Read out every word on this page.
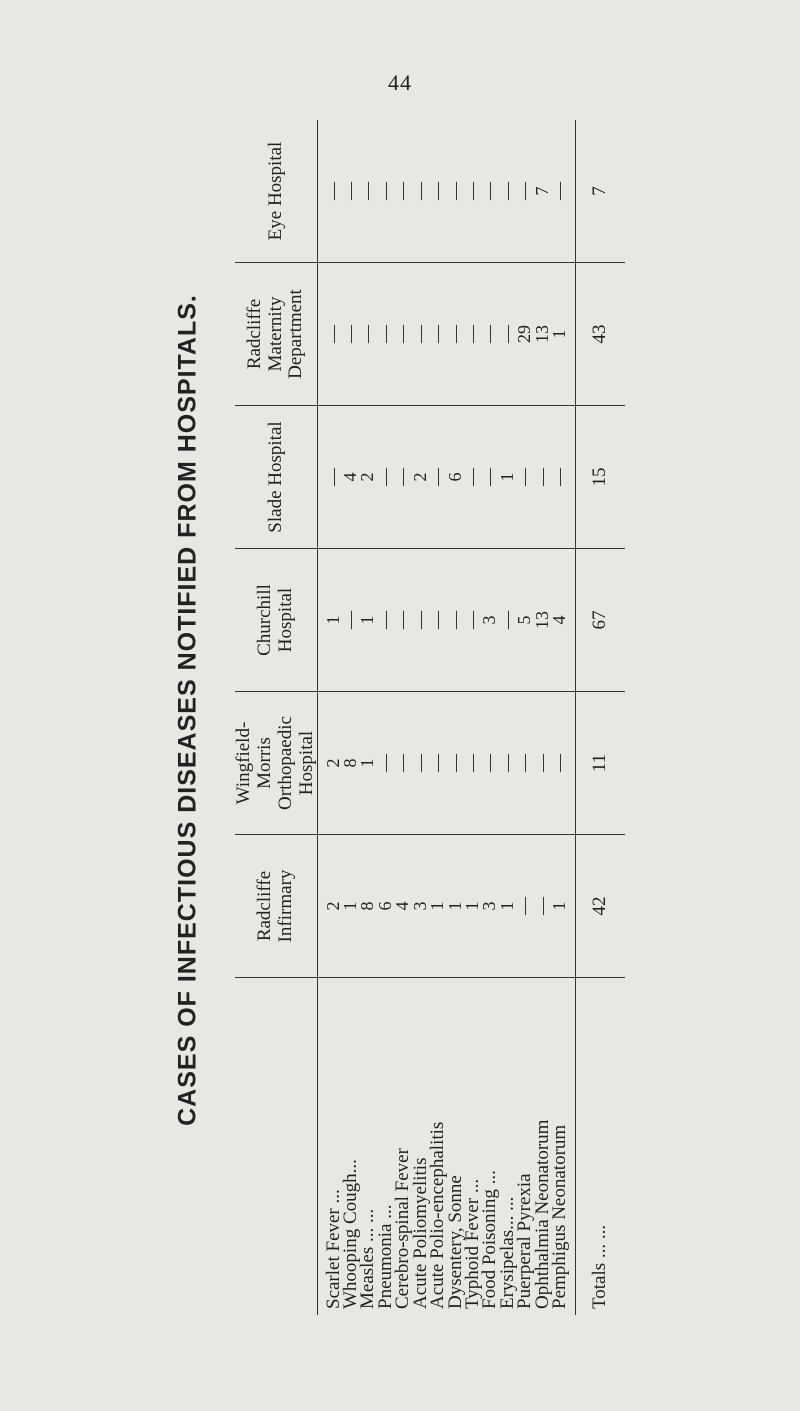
44
CASES OF INFECTIOUS DISEASES NOTIFIED FROM HOSPITALS.	Radcliffe Infirmary
Wingfield-Morris Orthopaedic Hospital
Churchill Hospital
Slade Hospital
Radcliffe Maternity Department
Eye Hospital
Scarlet Fever ...
Whooping Cough...
Measles ... ...
Pneumonia ...
Cerebro-spinal Fever
Acute Poliomyelitis
Acute Polio-encephalitis
Dysentery, Sonne
Typhoid Fever ...
Food Poisoning ...
Erysipelas... ...
Puerperal Pyrexia
Ophthalmia Neonatorum
Pemphigus Neonatorum
2
1
8
6
4
3
1
1
1
3
1
—
—
1
2
8
1
—
—
—
—
—
—
—
—
—
—
—
1
—
1
—
—
—
—
—
—
3
—
5
13
4
—
4
2
—
—
2
—
6
—
—
1
—
—
—
—
—
—
—
—
—
—
—
—
—
—
29
13
1
—
—
—
—
—
—
—
—
—
—
—
—
7
—
Totals ... ...
42
11
67
15
43
7
